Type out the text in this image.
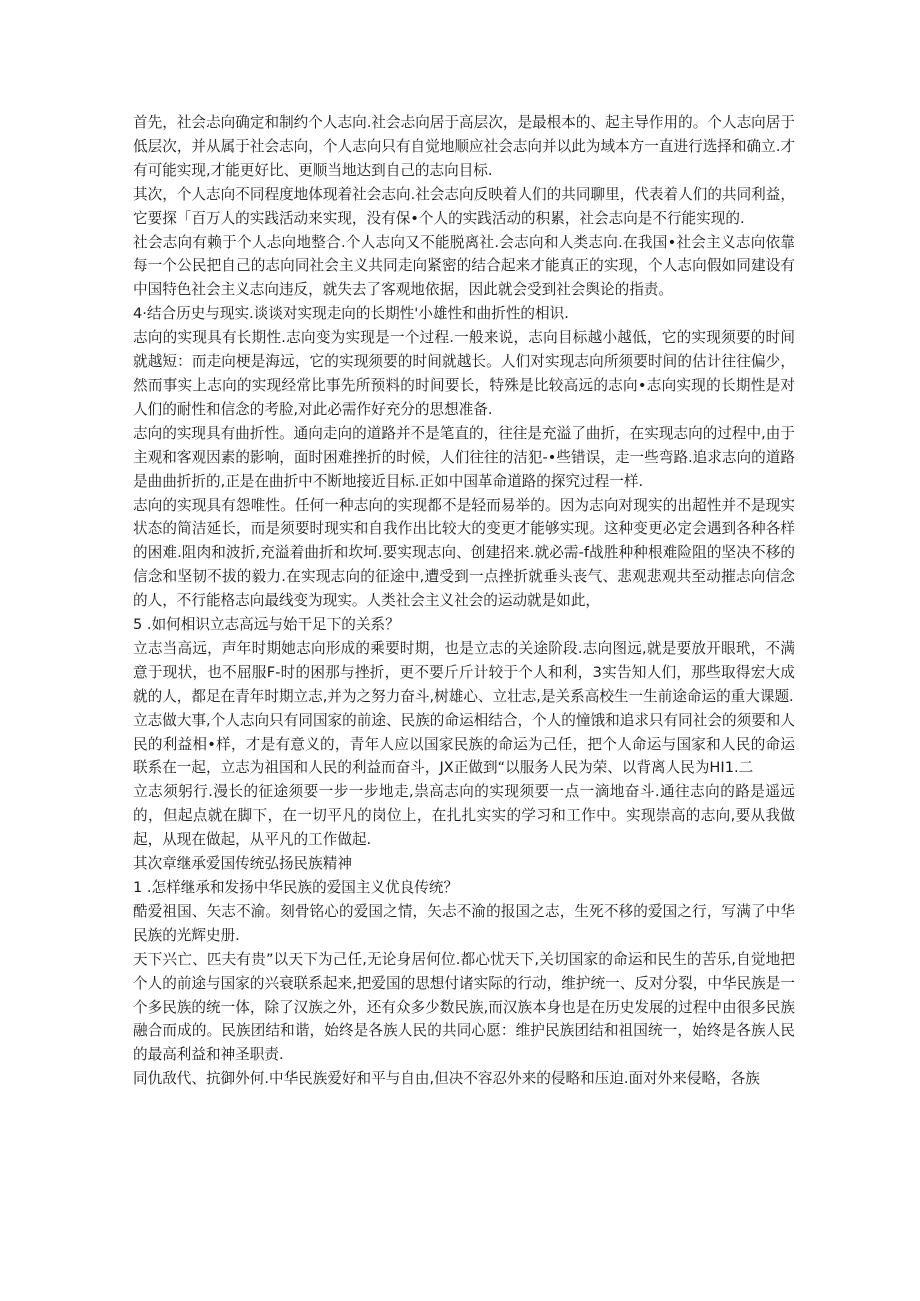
首先，社会忐向确定和制约个人志向.社会忐向居于高层次，是最根本的、起主导作用的。个人志向居于低层次，并从属于社会志向，个人志向只有自觉地顺应社会志向并以此为域本方一直进行选择和确立.才有可能实现,才能更好比、更顺当地达到自己的志向目标.

其次，个人志向不同程度地体现着社会志向.社会志向反映着人们的共同聊里，代表着人们的共同利益，它要探「百万人的实践活动来实现，没有保•个人的实践活动的积累，社会志向是不行能实现的.

社会志向有赖于个人忐向地整合.个人志向又不能脱离社.会志向和人类志向.在我国•社会主义志向依靠每一个公民把自己的志向同社会主义共同走向紧密的结合起来才能真正的实现，个人志向假如同建设有中国特色社会主义志向违反，就失去了客观地依据，因此就会受到社会舆论的指责。

4·结合历史与现实.谈谈对实现走向的长期性'小雄性和曲折性的相识.

志向的实现具有长期性.志向变为实现是一个过程.一般来说，志向目标越小越低，它的实现须要的时间就越短：而走向梗是海远，它的实现须要的时间就越长。人们对实现志向所须要时间的估计往往偏少，然而事实上志向的实现经常比事先所预料的时间要长，特殊是比较高远的志向•志向实现的长期性是对人们的耐性和信念的考脸,对此必需作好充分的思想准备.

志向的实现具有曲折性。通向走向的道路并不是笔直的，往往是充溢了曲折，在实现志向的过程中,由于主观和客观因素的影响，面时困难挫折的时候，人们往往的洁犯-•些错误，走一些弯路.追求志向的道路是曲曲折折的,正是在曲折中不断地接近目标.正如中国革命道路的探究过程一样.

志向的实现具有怨唯性。任何一种志向的实现都不是轻而易举的。因为志向对现实的出超性并不是现实状态的简洁延长，而是须要时现实和自我作出比较大的变更才能够实现。这种变更必定会遇到各种各样的困难.阻肉和波折,充溢着曲折和坎坷.要实现志向、创建招来.就必需-f战胜种种根难险阻的坚决不移的信念和坚韧不拔的毅力.在实现志向的征途中,遭受到一点挫折就垂头丧气、悲观悲观共至动摧忐向信念的人，不行能格志向最线变为现实。人类社会主义社会的运动就是如此，

5 .如何相识立志高远与始干足下的关系？

立志当高远，声年时期她志向形成的乘要时期，也是立志的关途阶段.志向图远,就是要放开眼玳，不满意于现状，也不屈服F-时的困那与挫折，更不要斤斤计较于个人和利，3实告知人们，那些取得宏大成就的人，都足在青年时期立志,并为之努力奋斗,树雄心、立壮志,是关系高校生一生前途命运的重大课题.

立志做大事,个人志向只有同国家的前途、民族的命运相结合，个人的憧饿和追求只有同社会的须要和人民的利益相•样，才是有意义的，青年人应以国家民族的命运为己任，把个人命运与国家和人民的命运联系在一起，立志为祖国和人民的利益而奋斗，JX正做到“以服务人民为荣、以背离人民为HI1.二

立志须躬行.漫长的征途须要一步一步地走,祟高志向的实现须要一点一滴地奋斗.通往志向的路是遥远的，但起点就在脚下，在一切平凡的岗位上，在扎扎实实的学习和工作中。实现崇高的志向,要从我做起，从现在做起，从平凡的工作做起.

其次章继承爱国传统弘扬民族精神

1 .怎样继承和发扬中华民族的爱国主义优良传统？

酷爱祖国、矢志不渝。刻骨铭心的爱国之情，矢忐不渝的报国之志，生死不移的爱国之行，写满了中华民族的光辉史册.

天下兴亡、匹夫有贵”以天下为己任,无论身居何位.都心忧天下,关切国家的命运和民生的苦乐,自觉地把个人的前途与国家的兴衰联系起来,把爱国的思想付诸实际的行动，维护统一、反对分裂，中华民族是一个多民族的统一体，除了汉族之外，还有众多少数民族,而汉族本身也是在历史发展的过程中由很多民族融合而成的。民族团结和谐，始终是各族人民的共同心愿：维护民族团结和祖国统一，始终是各族人民的最高利益和神圣职责.

同仇敌代、抗御外何.中华民族爱好和平与自由,但决不容忍外来的侵略和压迫.面对外来侵略，各族
